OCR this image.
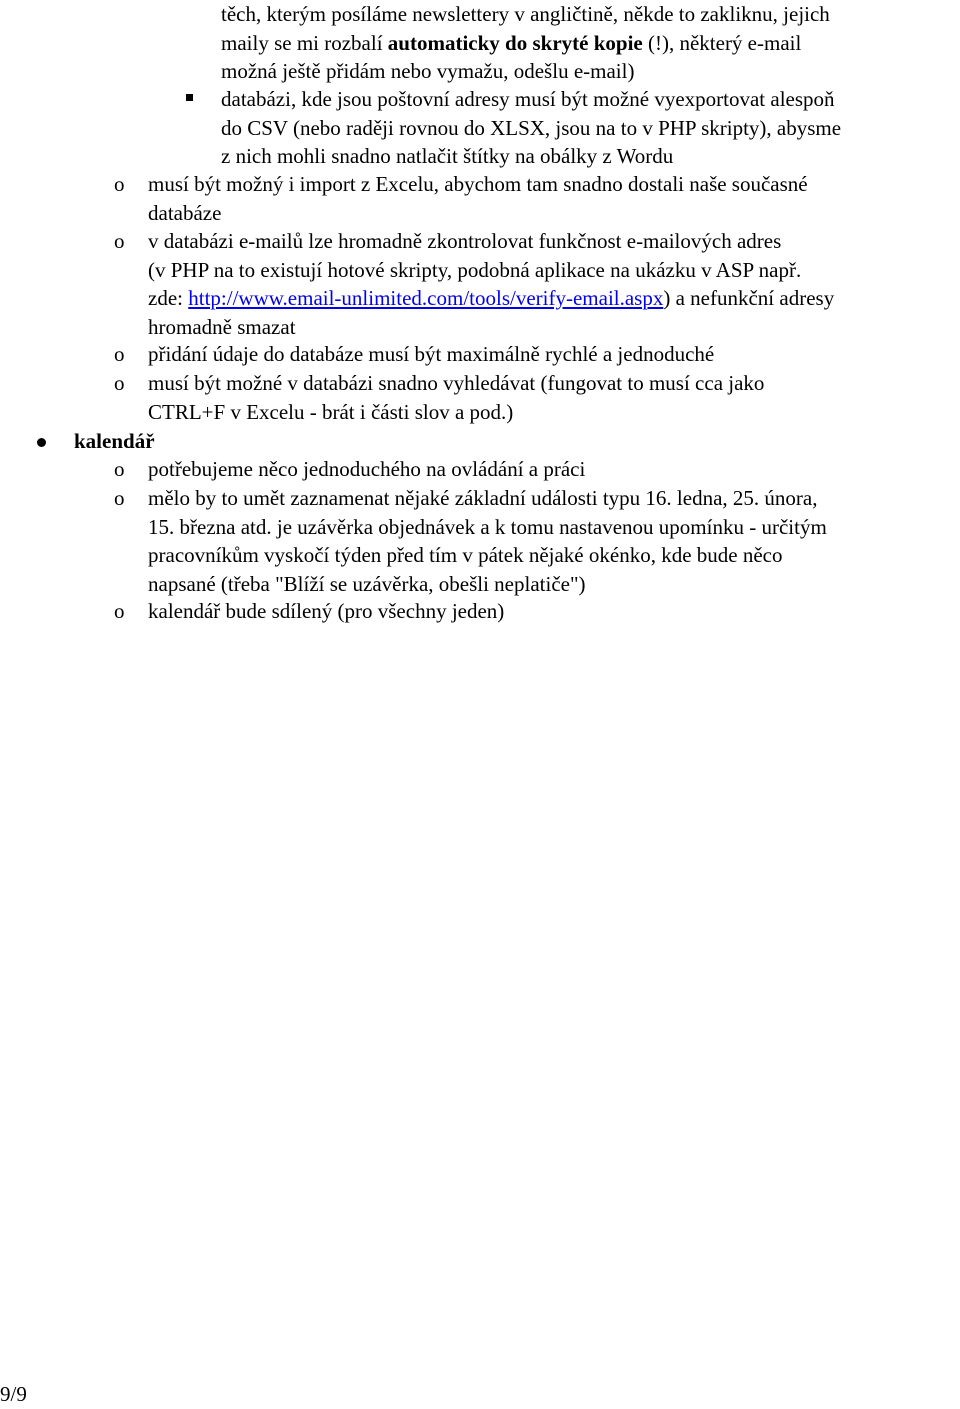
těch, kterým posíláme newslettery v angličtině, někde to zakliknu, jejich
maily se mi rozbalí automaticky do skryté kopie (!), některý e-mail
možná ještě přidám nebo vymažu, odešlu e-mail)
databázi, kde jsou poštovní adresy musí být možné vyexportovat alespoň
do CSV (nebo raději rovnou do XLSX, jsou na to v PHP skripty), abysme
z nich mohli snadno natlačit štítky na obálky z Wordu
o musí být možný i import z Excelu, abychom tam snadno dostali naše současné
databáze
o v databázi e-mailů lze hromadně zkontrolovat funkčnost e-mailových adres
(v PHP na to existují hotové skripty, podobná aplikace na ukázku v ASP např.
zde: http://www.email-unlimited.com/tools/verify-email.aspx) a nefunkční adresy
hromadně smazat
o přidání údaje do databáze musí být maximálně rychlé a jednoduché
o musí být možné v databázi snadno vyhledávat (fungovat to musí cca jako
CTRL+F v Excelu - brát i části slov a pod.)
kalendář
o potřebujeme něco jednoduchého na ovládání a práci
o mělo by to umět zaznamenat nějaké základní události typu 16. ledna, 25. února,
15. března atd. je uzávěrka objednávek a k tomu nastavenou upomínku - určitým
pracovníkům vyskočí týden před tím v pátek nějaké okénko, kde bude něco
napsané (třeba "Blíží se uzávěrka, obešli neplatiče")
o kalendář bude sdílený (pro všechny jeden)
9/9
